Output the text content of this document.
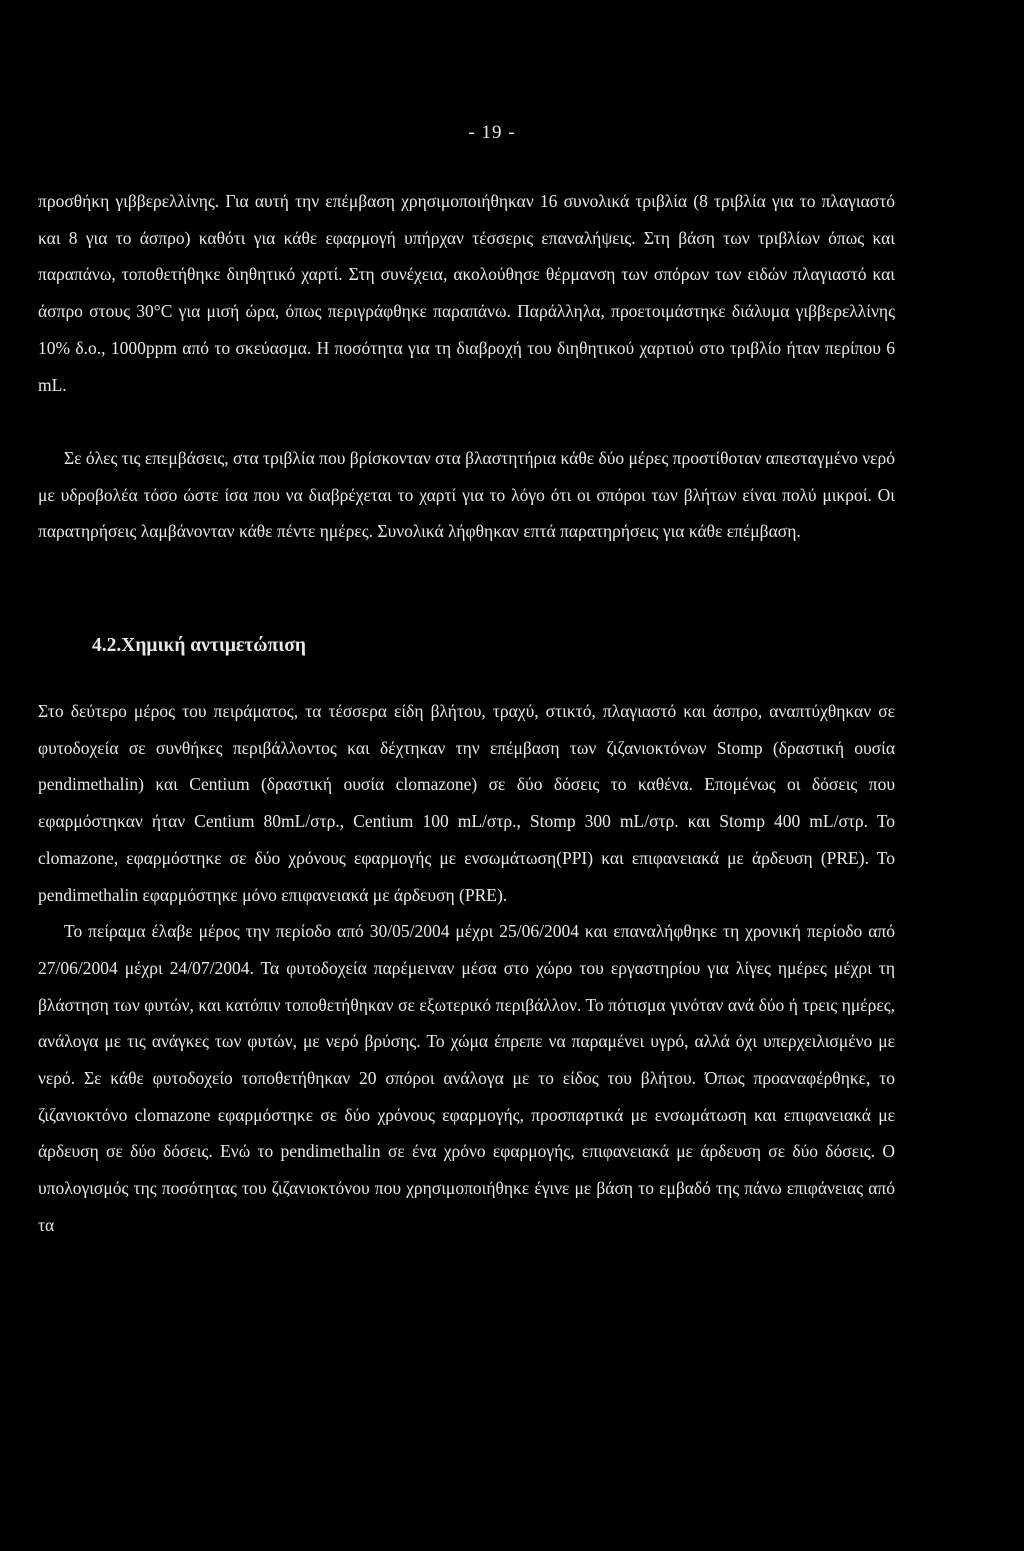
- 19 -

προσθήκη γιββερελλίνης. Για αυτή την επέμβαση χρησιμοποιήθηκαν 16 συνολικά τριβλία (8 τριβλία για το πλαγιαστό και 8 για το άσπρο) καθότι για κάθε εφαρμογή υπήρχαν τέσσερις επαναλήψεις. Στη βάση των τριβλίων όπως και παραπάνω, τοποθετήθηκε διηθητικό χαρτί. Στη συνέχεια, ακολούθησε θέρμανση των σπόρων των ειδών πλαγιαστό και άσπρο στους 30°C για μισή ώρα, όπως περιγράφθηκε παραπάνω. Παράλληλα, προετοιμάστηκε διάλυμα γιββερελλίνης 10% δ.ο., 1000ppm από το σκεύασμα. Η ποσότητα για τη διαβροχή του διηθητικού χαρτιού στο τριβλίο ήταν περίπου 6 mL.

Σε όλες τις επεμβάσεις, στα τριβλία που βρίσκονταν στα βλαστητήρια κάθε δύο μέρες προστίθοταν απεσταγμένο νερό με υδροβολέα τόσο ώστε ίσα που να διαβρέχεται το χαρτί για το λόγο ότι οι σπόροι των βλήτων είναι πολύ μικροί. Οι παρατηρήσεις λαμβάνονταν κάθε πέντε ημέρες. Συνολικά λήφθηκαν επτά παρατηρήσεις για κάθε επέμβαση.

4.2.Χημική αντιμετώπιση

Στο δεύτερο μέρος του πειράματος, τα τέσσερα είδη βλήτου, τραχύ, στικτό, πλαγιαστό και άσπρο, αναπτύχθηκαν σε φυτοδοχεία σε συνθήκες περιβάλλοντος και δέχτηκαν την επέμβαση των ζιζανιοκτόνων Stomp (δραστική ουσία pendimethalin) και Centium (δραστική ουσία clomazone) σε δύο δόσεις το καθένα. Επομένως οι δόσεις που εφαρμόστηκαν ήταν Centium 80mL/στρ., Centium 100 mL/στρ., Stomp 300 mL/στρ. και Stomp 400 mL/στρ. Το clomazone, εφαρμόστηκε σε δύο χρόνους εφαρμογής με ενσωμάτωση(PPI) και επιφανειακά με άρδευση (PRE). Το pendimethalin εφαρμόστηκε μόνο επιφανειακά με άρδευση (PRE).

Το πείραμα έλαβε μέρος την περίοδο από 30/05/2004 μέχρι 25/06/2004 και επαναλήφθηκε τη χρονική περίοδο από 27/06/2004 μέχρι 24/07/2004. Τα φυτοδοχεία παρέμειναν μέσα στο χώρο του εργαστηρίου για λίγες ημέρες μέχρι τη βλάστηση των φυτών, και κατόπιν τοποθετήθηκαν σε εξωτερικό περιβάλλον. Το πότισμα γινόταν ανά δύο ή τρεις ημέρες, ανάλογα με τις ανάγκες των φυτών, με νερό βρύσης. Το χώμα έπρεπε να παραμένει υγρό, αλλά όχι υπερχειλισμένο με νερό. Σε κάθε φυτοδοχείο τοποθετήθηκαν 20 σπόροι ανάλογα με το είδος του βλήτου. Όπως προαναφέρθηκε, το ζιζανιοκτόνο clomazone εφαρμόστηκε σε δύο χρόνους εφαρμογής, προσπαρτικά με ενσωμάτωση και επιφανειακά με άρδευση σε δύο δόσεις. Ενώ το pendimethalin σε ένα χρόνο εφαρμογής, επιφανειακά με άρδευση σε δύο δόσεις. Ο υπολογισμός της ποσότητας του ζιζανιοκτόνου που χρησιμοποιήθηκε έγινε με βάση το εμβαδό της πάνω επιφάνειας από τα
